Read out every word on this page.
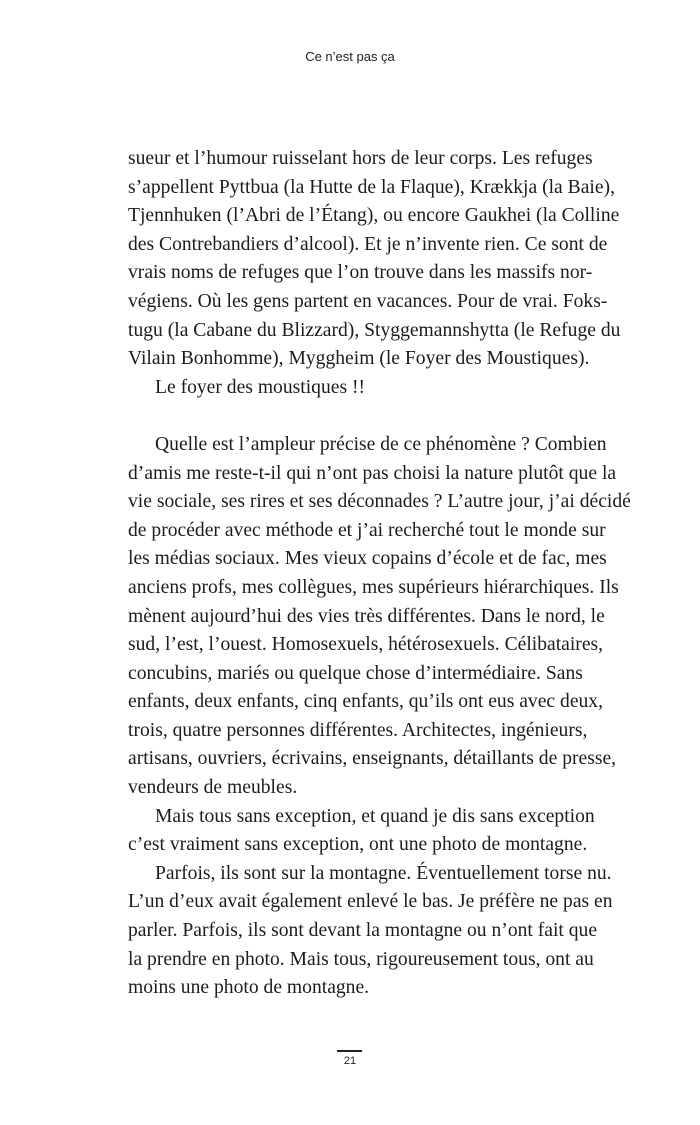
Ce n’est pas ça
sueur et l’humour ruisselant hors de leur corps. Les refuges
s’appellent Pyttbua (la Hutte de la Flaque), Krækkja (la Baie),
Tjennhuken (l’Abri de l’Étang), ou encore Gaukhei (la Colline
des Contrebandiers d’alcool). Et je n’invente rien. Ce sont de
vrais noms de refuges que l’on trouve dans les massifs nor-
végiens. Où les gens partent en vacances. Pour de vrai. Foks-
tugu (la Cabane du Blizzard), Styggemannshytta (le Refuge du
Vilain Bonhomme), Myggheim (le Foyer des Moustiques).
Le foyer des moustiques !!
Quelle est l’ampleur précise de ce phénomène ? Combien
d’amis me reste-t-il qui n’ont pas choisi la nature plutôt que la
vie sociale, ses rires et ses déconnades ? L’autre jour, j’ai décidé
de procéder avec méthode et j’ai recherché tout le monde sur
les médias sociaux. Mes vieux copains d’école et de fac, mes
anciens profs, mes collègues, mes supérieurs hiérarchiques. Ils
mènent aujourd’hui des vies très différentes. Dans le nord, le
sud, l’est, l’ouest. Homosexuels, hétérosexuels. Célibataires,
concubins, mariés ou quelque chose d’intermédiaire. Sans
enfants, deux enfants, cinq enfants, qu’ils ont eus avec deux,
trois, quatre personnes différentes. Architectes, ingénieurs,
artisans, ouvriers, écrivains, enseignants, détaillants de presse,
vendeurs de meubles.
Mais tous sans exception, et quand je dis sans exception
c’est vraiment sans exception, ont une photo de montagne.
Parfois, ils sont sur la montagne. Éventuellement torse nu.
L’un d’eux avait également enlevé le bas. Je préfère ne pas en
parler. Parfois, ils sont devant la montagne ou n’ont fait que
la prendre en photo. Mais tous, rigoureusement tous, ont au
moins une photo de montagne.
21
